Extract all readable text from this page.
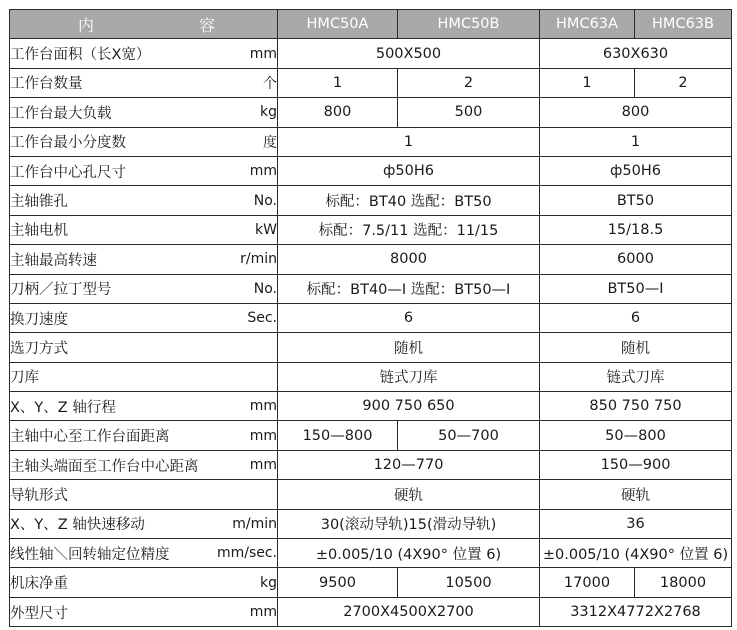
内 容	HMC50A	HMC50B	HMC63A	HMC63B

工作台面积（长X宽） mm	500X500		630X630	

工作台数量 个	1	2	1	2

工作台最大负载 kg	800	500	800	

工作台最小分度数 度	1		1	

工作台中心孔尺寸 mm	ф50H6		ф50H6	

主轴锥孔 No.	标配：BT40 选配：BT50		BT50	

主轴电机 kW	标配：7.5/11 选配：11/15		15/18.5	

主轴最高转速 r/min	8000		6000	

刀柄／拉丁型号 No.	标配：BT40—I 选配：BT50—I		BT50—I	

换刀速度 Sec.	6		6	

选刀方式	随机		随机	

刀库	链式刀库		链式刀库	

X、Y、Z 轴行程 mm	900 750 650		850 750 750	

主轴中心至工作台面距离 mm	150—800	50—700	50—800	

主轴头端面至工作台中心距离 mm	120—770		150—900	

导轨形式	硬轨		硬轨	

X、Y、Z 轴快速移动 m/min	30(滚动导轨)15(滑动导轨)		36	

线性轴＼回转轴定位精度 mm/sec.	±0.005/10 (4X90° 位置 6)		±0.005/10 (4X90° 位置 6)	

机床净重 kg	9500	10500	17000	18000

外型尺寸 mm	2700X4500X2700		3312X4772X2768	
